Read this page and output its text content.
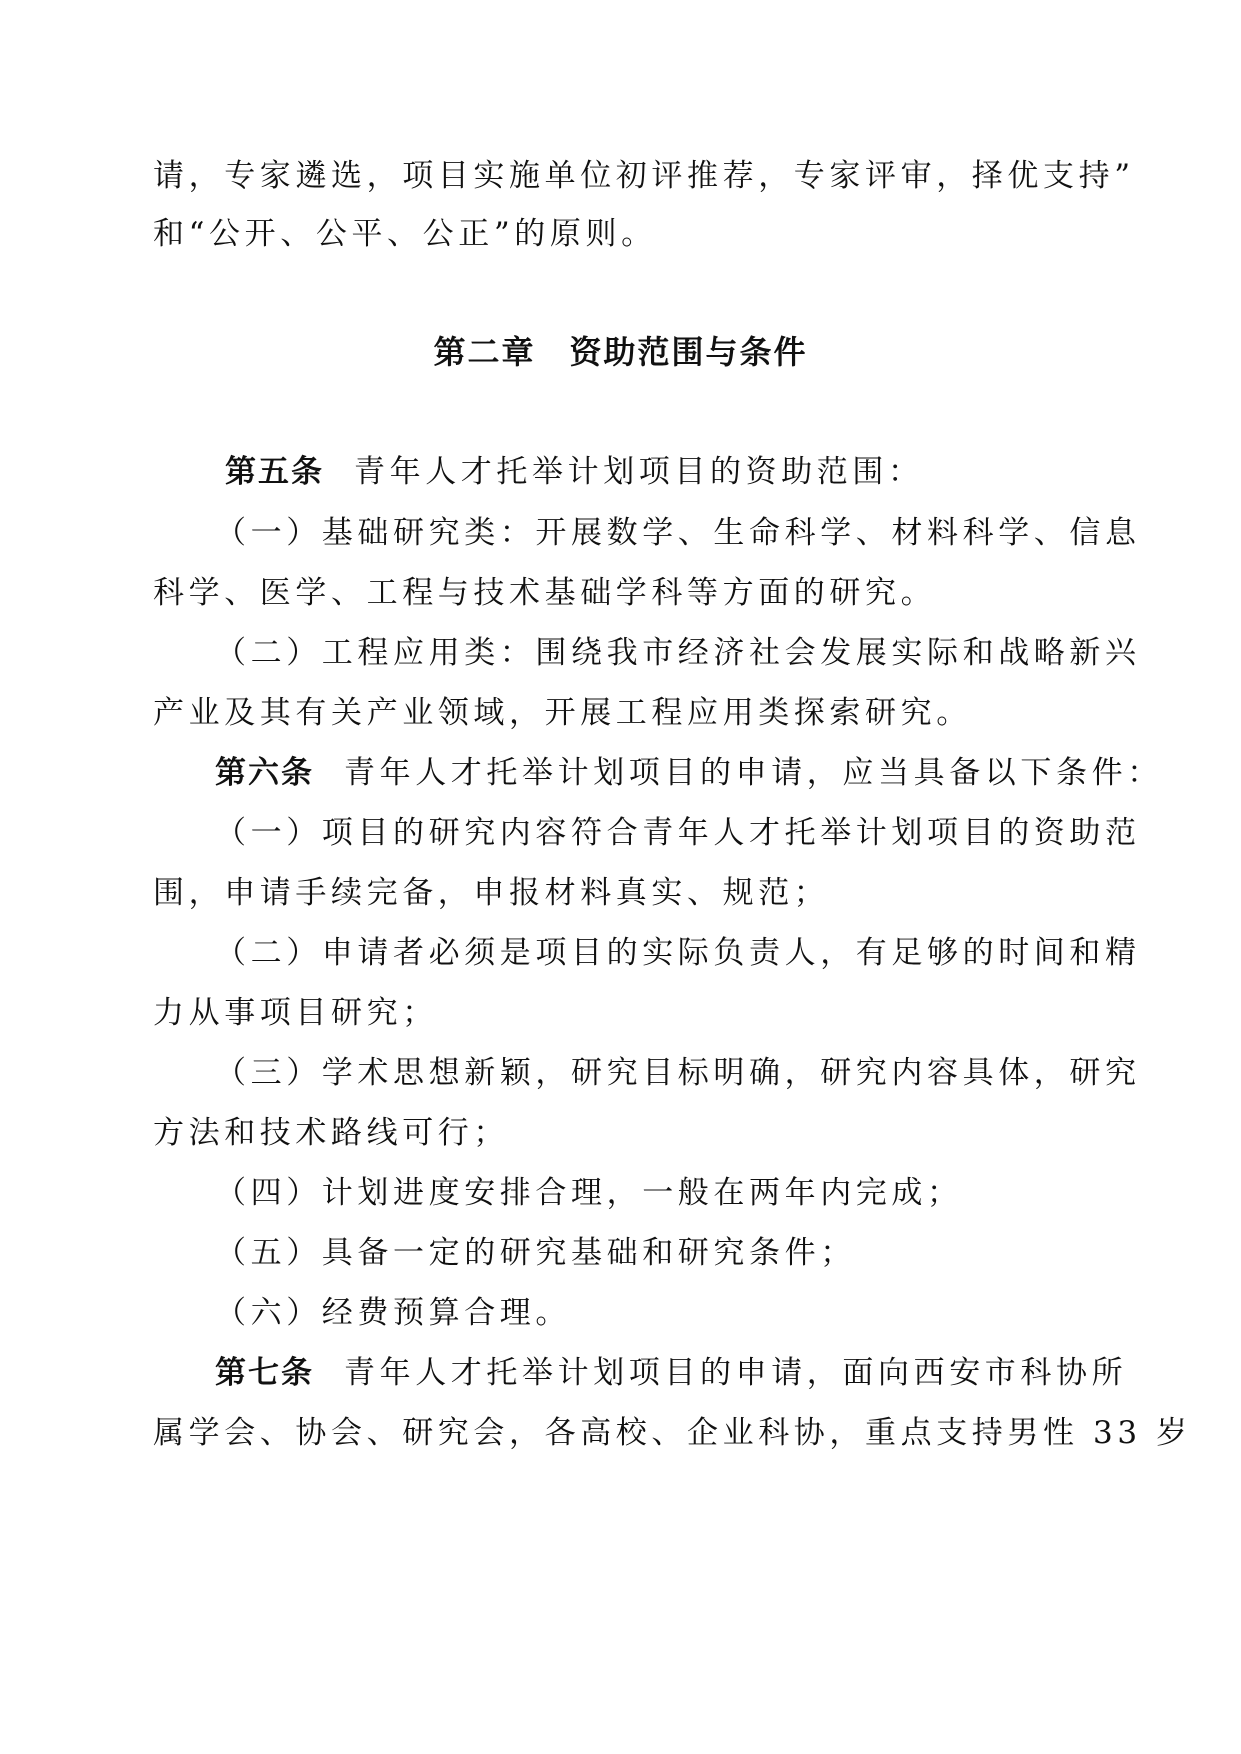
请，专家遴选，项目实施单位初评推荐，专家评审，择优支持”
和“公开、公平、公正”的原则。
第二章　资助范围与条件
第五条 青年人才托举计划项目的资助范围：
（一）基础研究类：开展数学、生命科学、材料科学、信息
科学、医学、工程与技术基础学科等方面的研究。
（二）工程应用类：围绕我市经济社会发展实际和战略新兴
产业及其有关产业领域，开展工程应用类探索研究。
第六条 青年人才托举计划项目的申请，应当具备以下条件：
（一）项目的研究内容符合青年人才托举计划项目的资助范
围，申请手续完备，申报材料真实、规范；
（二）申请者必须是项目的实际负责人，有足够的时间和精
力从事项目研究；
（三）学术思想新颖，研究目标明确，研究内容具体，研究
方法和技术路线可行；
（四）计划进度安排合理，一般在两年内完成；
（五）具备一定的研究基础和研究条件；
（六）经费预算合理。
第七条 青年人才托举计划项目的申请，面向西安市科协所
属学会、协会、研究会，各高校、企业科协，重点支持男性 33 岁
